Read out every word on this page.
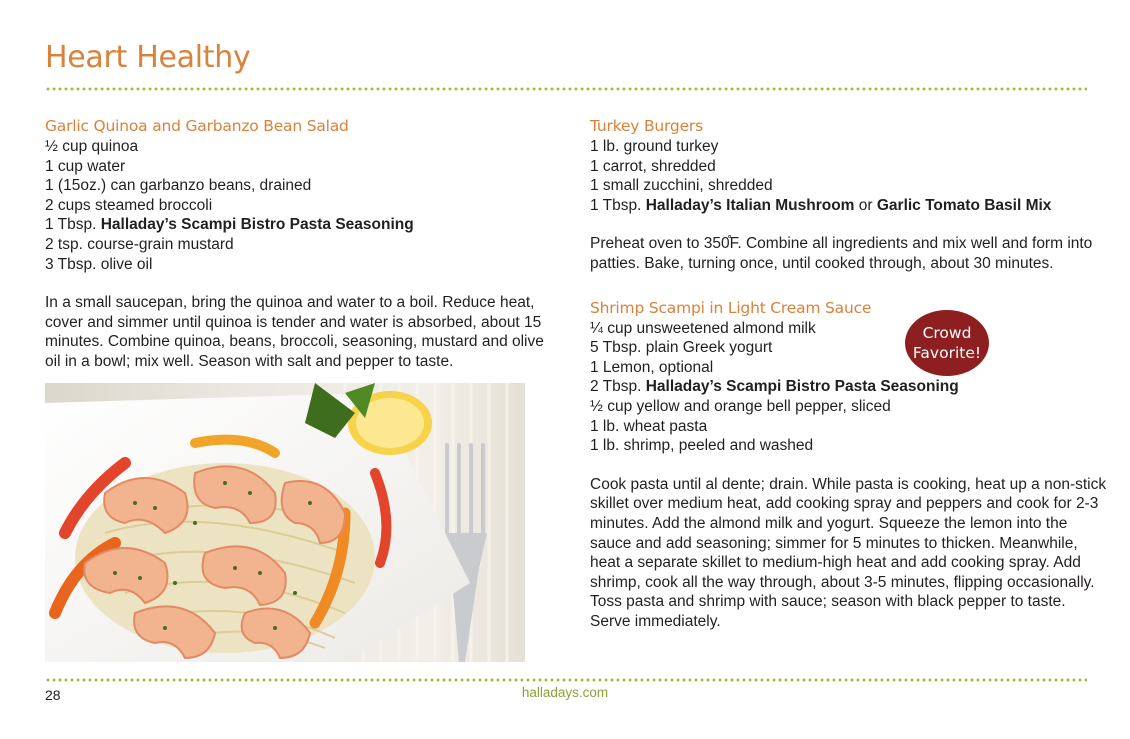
Heart Healthy
Garlic Quinoa and Garbanzo Bean Salad
½ cup quinoa
1 cup water
1 (15oz.) can garbanzo beans, drained
2 cups steamed broccoli
1 Tbsp. Halladay’s Scampi Bistro Pasta Seasoning
2 tsp. course-grain mustard
3 Tbsp. olive oil

In a small saucepan, bring the quinoa and water to a boil. Reduce heat, cover and simmer until quinoa is tender and water is absorbed, about 15 minutes. Combine quinoa, beans, broccoli, seasoning, mustard and olive oil in a bowl; mix well. Season with salt and pepper to taste.

Turkey Burgers
1 lb. ground turkey
1 carrot, shredded
1 small zucchini, shredded
1 Tbsp. Halladay’s Italian Mushroom or Garlic Tomato Basil Mix

Preheat oven to 350̊F. Combine all ingredients and mix well and form into patties. Bake, turning once, until cooked through, about 30 minutes.

Shrimp Scampi in Light Cream Sauce
¼ cup unsweetened almond milk
5 Tbsp. plain Greek yogurt
1 Lemon, optional
2 Tbsp. Halladay’s Scampi Bistro Pasta Seasoning
½ cup yellow and orange bell pepper, sliced
1 lb. wheat pasta
1 lb. shrimp, peeled and washed

Cook pasta until al dente; drain. While pasta is cooking, heat up a non-stick skillet over medium heat, add cooking spray and peppers and cook for 2-3 minutes. Add the almond milk and yogurt. Squeeze the lemon into the sauce and add seasoning; simmer for 5 minutes to thicken. Meanwhile, heat a separate skillet to medium-high heat and add cooking spray. Add shrimp, cook all the way through, about 3-5 minutes, flipping occasionally. Toss pasta and shrimp with sauce; season with black pepper to taste. Serve immediately.

Crowd
Favorite!
28	halladays.com
